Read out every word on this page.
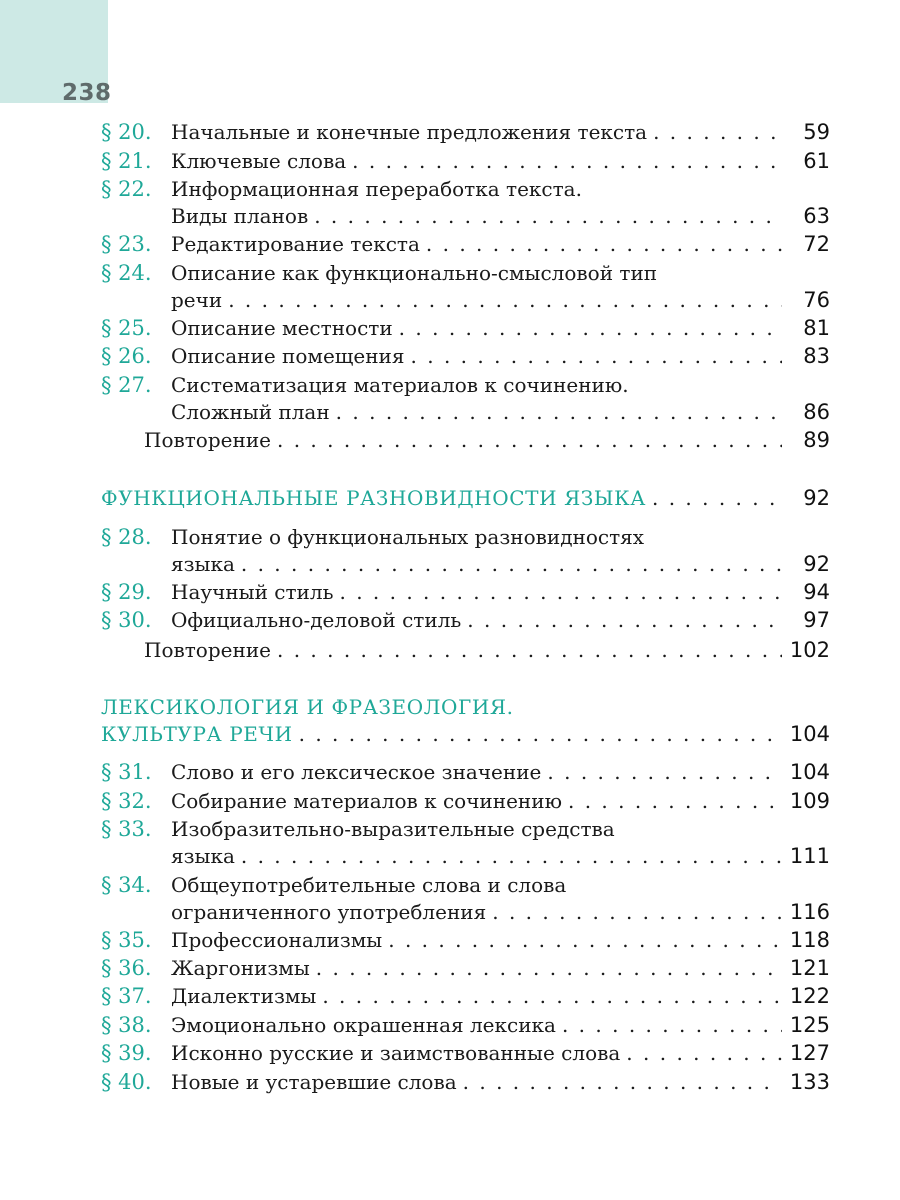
238
§ 20. Начальные и конечные предложения текста . . .	59
§ 21. Ключевые слова . . .	61
§ 22. Информационная переработка текста.
Виды планов . . .	63
§ 23. Редактирование текста . . .	72
§ 24. Описание как функционально-смысловой тип
речи . . .	76
§ 25. Описание местности . . .	81
§ 26. Описание помещения . . .	83
§ 27. Систематизация материалов к сочинению.
Сложный план . . .	86
Повторение . . .	89
ФУНКЦИОНАЛЬНЫЕ РАЗНОВИДНОСТИ ЯЗЫКА . . .	92
§ 28. Понятие о функциональных разновидностях
языка . . .	92
§ 29. Научный стиль . . .	94
§ 30. Официально-деловой стиль . . .	97
Повторение . . .	102
ЛЕКСИКОЛОГИЯ И ФРАЗЕОЛОГИЯ.
КУЛЬТУРА РЕЧИ . . .	104
§ 31. Слово и его лексическое значение . . .	104
§ 32. Собирание материалов к сочинению . . .	109
§ 33. Изобразительно-выразительные средства
языка . . .	111
§ 34. Общеупотребительные слова и слова
ограниченного употребления . . .	116
§ 35. Профессионализмы . . .	118
§ 36. Жаргонизмы . . .	121
§ 37. Диалектизмы . . .	122
§ 38. Эмоционально окрашенная лексика . . .	125
§ 39. Исконно русские и заимствованные слова . . .	127
§ 40. Новые и устаревшие слова . . .	133
